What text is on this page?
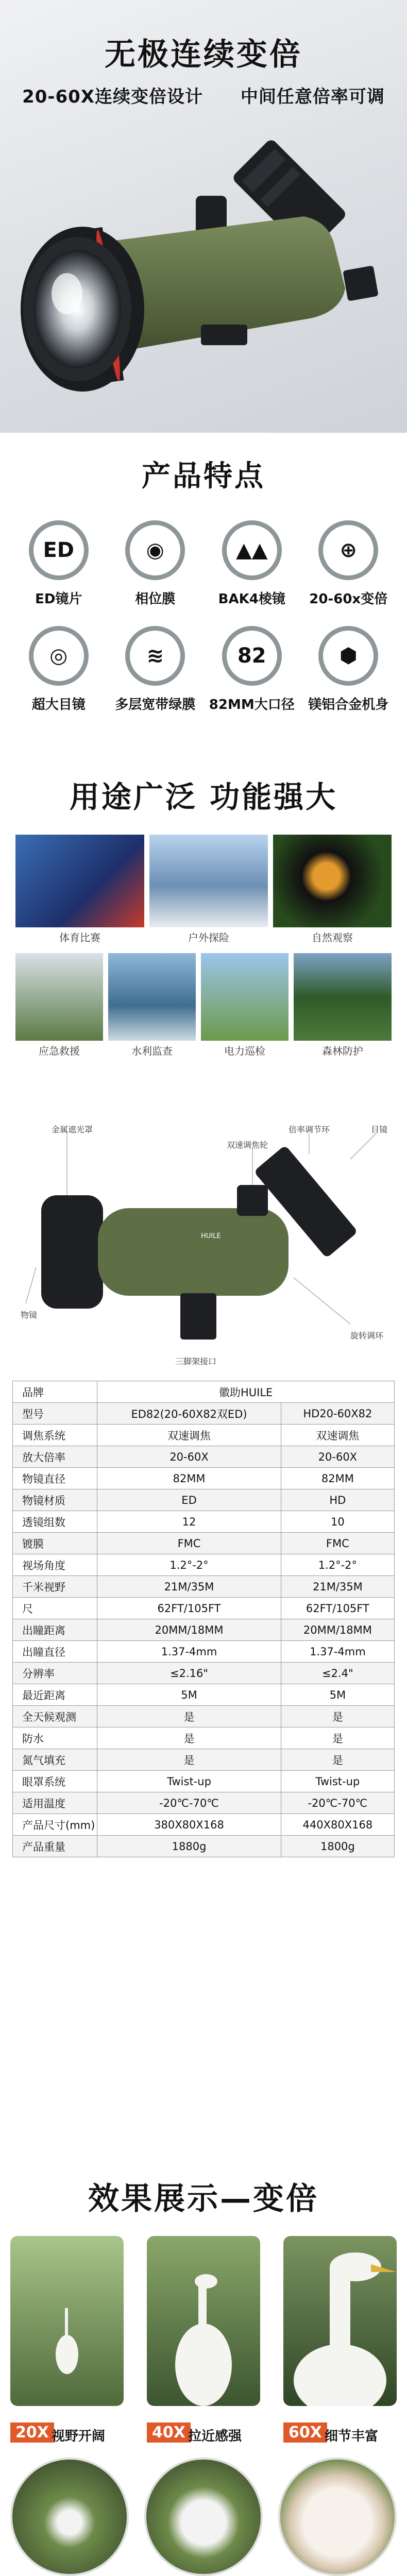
无极连续变倍
20-60X连续变倍设计 中间任意倍率可调
产品特点
ED
ED镜片
◉
相位膜
▲▲
BAK4棱镜
⊕
20-60x变倍
◎
超大目镜
≋
多层宽带绿膜
82
82MM大口径
⬢
镁铝合金机身
用途广泛 功能强大
体育比赛	户外探险	自然观察
应急救援	水利监查	电力巡检	森林防护
金属遮光罩
双速调焦轮
倍率调节环	目镜
物镜
三脚架接口
旋转调环
HUILE
品牌	徽助HUILE	
型号	ED82(20-60X82双ED)	HD20-60X82
调焦系统	双速调焦	双速调焦
放大倍率	20-60X	20-60X
物镜直径	82MM	82MM
物镜材质	ED	HD
透镜组数	12	10
镀膜	FMC	FMC
视场角度	1.2°-2°	1.2°-2°
千米视野	21M/35M	21M/35M
尺	62FT/105FT	62FT/105FT
出瞳距离	20MM/18MM	20MM/18MM
出瞳直径	1.37-4mm	1.37-4mm
分辨率	≤2.16"	≤2.4"
最近距离	5M	5M
全天候观测	是	是
防水	是	是
氮气填充	是	是
眼罩系统	Twist-up	Twist-up
适用温度	-20℃-70℃	-20℃-70℃
产品尺寸(mm)	380X80X168	440X80X168
产品重量	1880g	1800g
效果展示—变倍
20X 视野开阔	40X 拉近感强	60X 细节丰富
